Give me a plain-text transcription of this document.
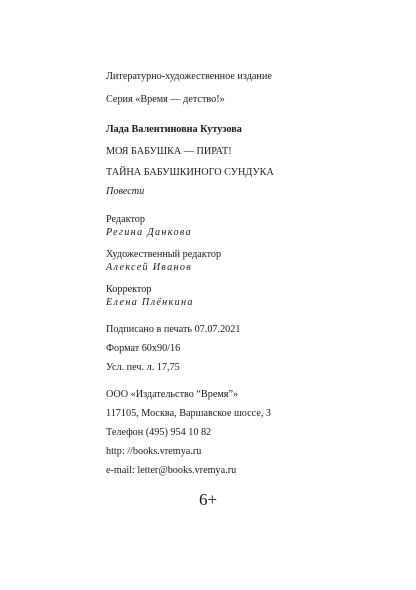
Литературно-художественное издание
Серия «Время — детство!»
Лада Валентиновна Кутузова
МОЯ БАБУШКА — ПИРАТ!
ТАЙНА БАБУШКИНОГО СУНДУКА
Повести
Редактор
Регина Данкова
Художественный редактор
Алексей Иванов
Корректор
Елена Плёнкина
Подписано в печать 07.07.2021
Формат 60x90/16
Усл. печ. л. 17,75
ООО «Издательство “Время”»
117105, Москва, Варшавское шоссе, 3
Телефон (495) 954 10 82
http: //books.vremya.ru
e-mail: letter@books.vremya.ru
6+
